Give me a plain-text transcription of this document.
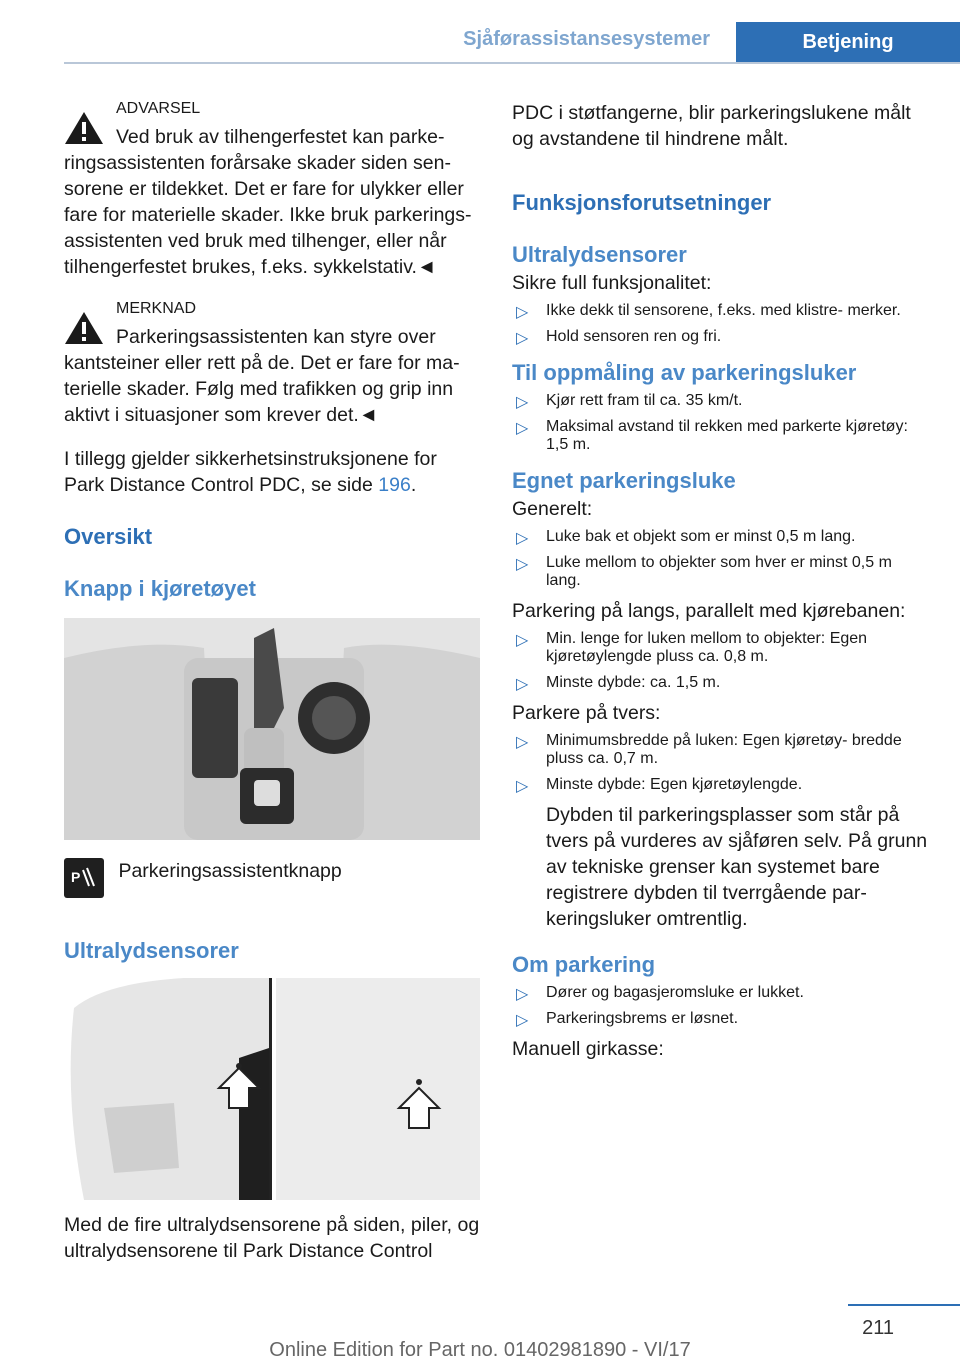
Sjåførassistansesystemer	Betjening
ADVARSEL

Ved bruk av tilhengerfestet kan parke-
ringsassistenten forårsake skader siden sen- sorene er tildekket. Det er fare for ulykker eller fare for materielle skader. Ikke bruk parkerings- assistenten ved bruk med tilhenger, eller når tilhengerfestet brukes, f.eks. sykkelstativ.◄

MERKNAD

Parkeringsassistenten kan styre over
kantsteiner eller rett på de. Det er fare for ma- terielle skader. Følg med trafikken og grip inn aktivt i situasjoner som krever det.◄

I tillegg gjelder sikkerhetsinstruksjonene for Park Distance Control PDC, se side 196.

Oversikt
Knapp i kjøretøyet
P Parkeringsassistentknapp
Ultralydsensorer

Med de fire ultralydsensorene på siden, piler, og ultralydsensorene til Park Distance Control

PDC i støtfangerne, blir parkeringslukene målt og avstandene til hindrene målt.

Funksjonsforutsetninger
Ultralydsensorer

Sikre full funksjonalitet:

▷ Ikke dekk til sensorene, f.eks. med klistre- merker.
▷ Hold sensoren ren og fri.
Til oppmåling av parkeringsluker
▷ Kjør rett fram til ca. 35 km/t.
▷ Maksimal avstand til rekken med parkerte kjøretøy: 1,5 m.
Egnet parkeringsluke

Generelt:

▷ Luke bak et objekt som er minst 0,5 m lang.
▷ Luke mellom to objekter som hver er minst 0,5 m lang.

Parkering på langs, parallelt med kjørebanen:

▷ Min. lenge for luken mellom to objekter: Egen kjøretøylengde pluss ca. 0,8 m.
▷ Minste dybde: ca. 1,5 m.

Parkere på tvers:

▷ Minimumsbredde på luken: Egen kjøretøy- bredde pluss ca. 0,7 m.
▷ Minste dybde: Egen kjøretøylengde.

Dybden til parkeringsplasser som står på tvers på vurderes av sjåføren selv. På grunn av tekniske grenser kan systemet bare registrere dybden til tverrgående par- keringsluker omtrentlig.

Om parkering
▷ Dører og bagasjeromsluke er lukket.
▷ Parkeringsbrems er løsnet.

Manuell girkasse:

211
Online Edition for Part no. 01402981890 - VI/17
